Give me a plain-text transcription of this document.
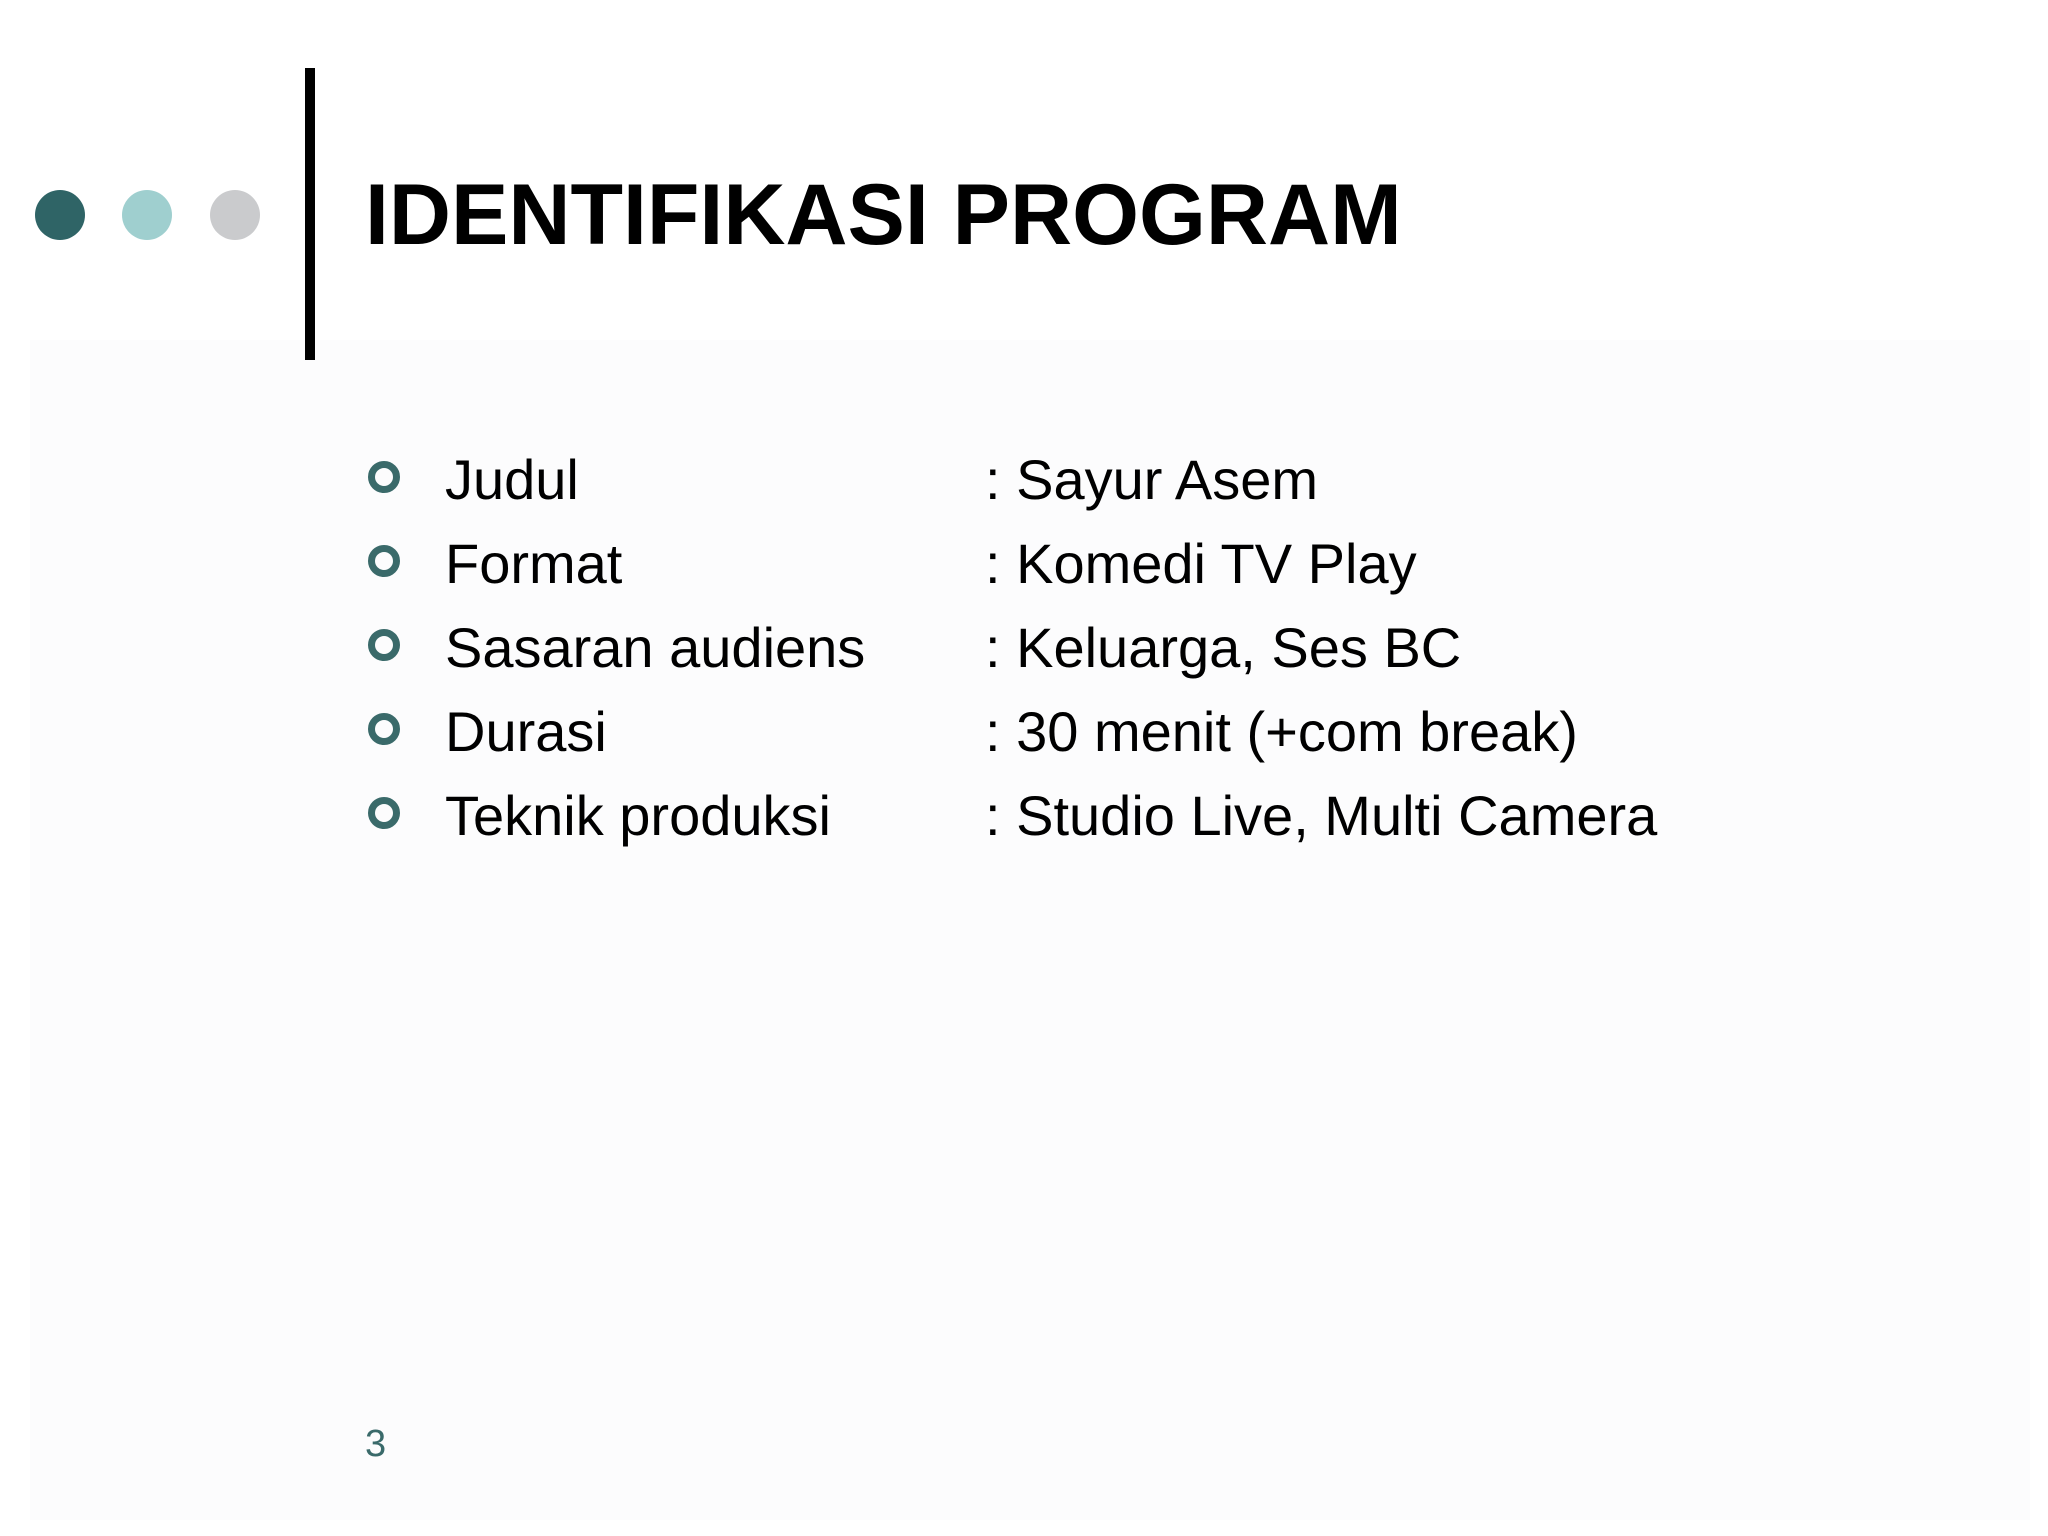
IDENTIFIKASI PROGRAM
Judul	: Sayur Asem
Format	: Komedi TV Play
Sasaran audiens : Keluarga, Ses BC
Durasi	: 30 menit (+com break)
Teknik produksi	: Studio Live, Multi Camera
3
